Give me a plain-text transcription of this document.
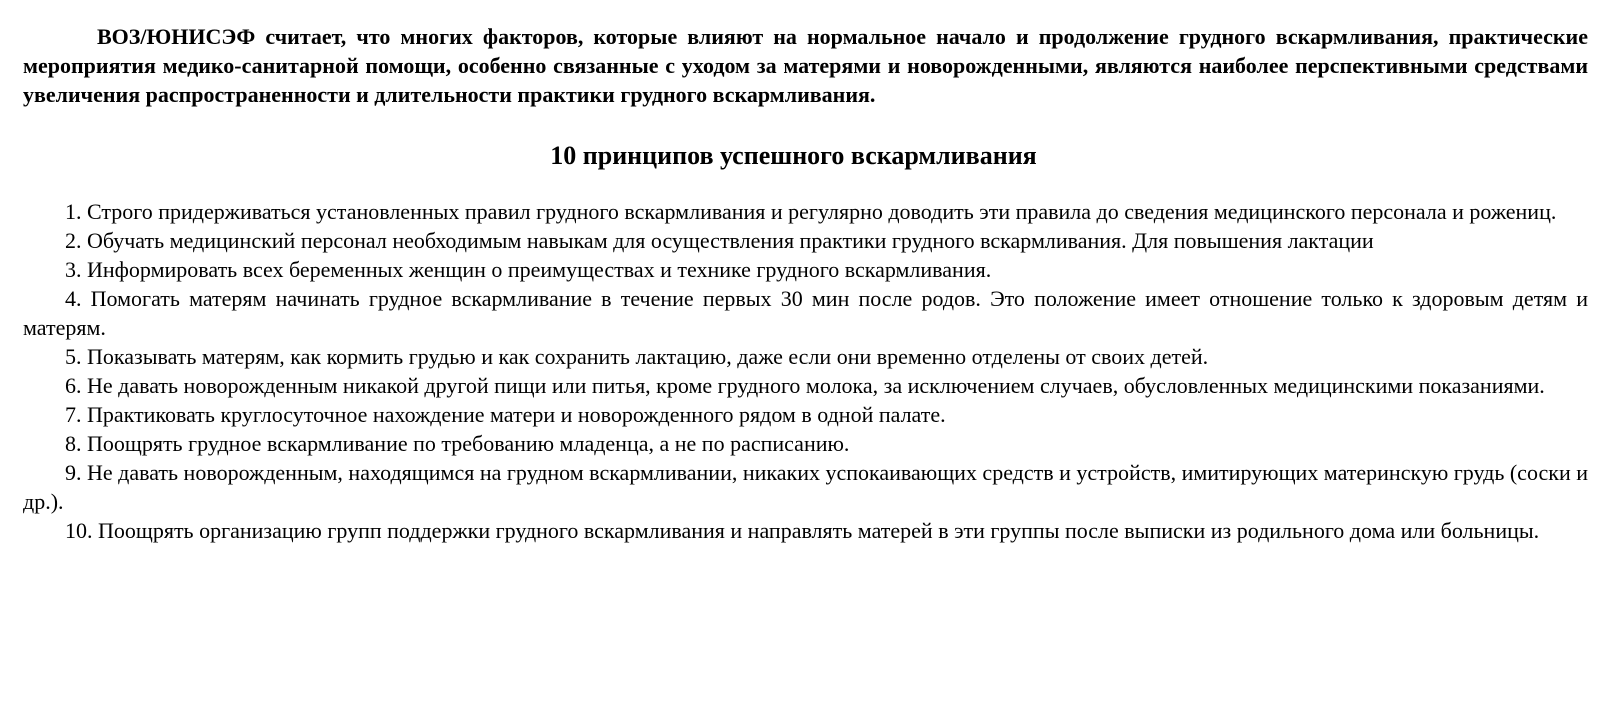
ВОЗ/ЮНИСЭФ считает, что многих факторов, которые влияют на нормальное начало и продолжение грудного вскармливания, практические мероприятия медико-санитарной помощи, особенно связанные с уходом за матерями и новорожденными, являются наиболее перспективными средствами увеличения распространенности и длительности практики грудного вскармливания.

10 принципов успешного вскармливания
1. Строго придерживаться установленных правил грудного вскармливания и регулярно доводить эти правила до сведения медицинского персонала и рожениц.
2. Обучать медицинский персонал необходимым навыкам для осуществления практики грудного вскармливания. Для повышения лактации
3. Информировать всех беременных женщин о преимуществах и технике грудного вскармливания.
4. Помогать матерям начинать грудное вскармливание в течение первых 30 мин после родов. Это положение имеет отношение только к здоровым детям и матерям.
5. Показывать матерям, как кормить грудью и как сохранить лактацию, даже если они временно отделены от своих детей.
6. Не давать новорожденным никакой другой пищи или питья, кроме грудного молока, за исключением случаев, обусловленных медицинскими показаниями.
7. Практиковать круглосуточное нахождение матери и новорожденного рядом в одной палате.
8. Поощрять грудное вскармливание по требованию младенца, а не по расписанию.
9. Не давать новорожденным, находящимся на грудном вскармливании, никаких успокаивающих средств и устройств, имитирующих материнскую грудь (соски и др.).
10. Поощрять организацию групп поддержки грудного вскармливания и направлять матерей в эти группы после выписки из родильного дома или больницы.
